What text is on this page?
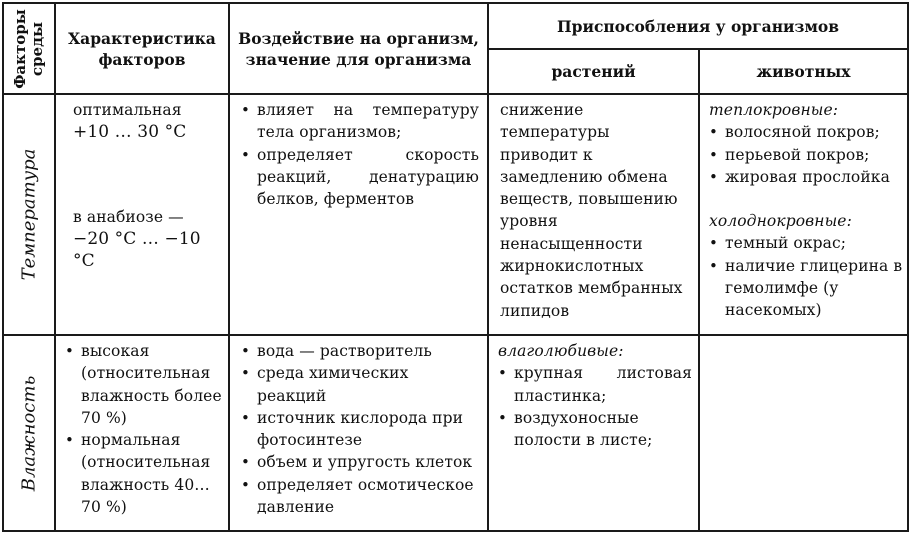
Факторы среды Характеристика
факторов
Воздействие на организм,
значение для организма
Приспособления у организмов
растений	животных
Температура

оптимальная

+10 … 30 °C

в анабиозе —

−20 °C … −10 °C

• влияет на температуру тела организмов;
• определяет скорость реакций, денатурацию белков, ферментов

снижение температуры приводит к замедлению обмена веществ, повышению уровня ненасыщенности жирнокислотных остатков мембранных липидов

теплокровные:

• волосяной покров;
• перьевой покров;
• жировая прослойка

холоднокровные:

• темный окрас;
• наличие глицерина в гемолимфе (у насекомых)
Влажность
• высокая (относительная влажность более 70 %)
• нормальная (относительная влажность 40…70 %)
• вода — растворитель
• среда химических реакций
• источник кислорода при фотосинтезе
• объем и упругость клеток
• определяет осмотическое давление

влаголюбивые:

• крупная листовая пластинка;
• воздухоносные полости в листе;
